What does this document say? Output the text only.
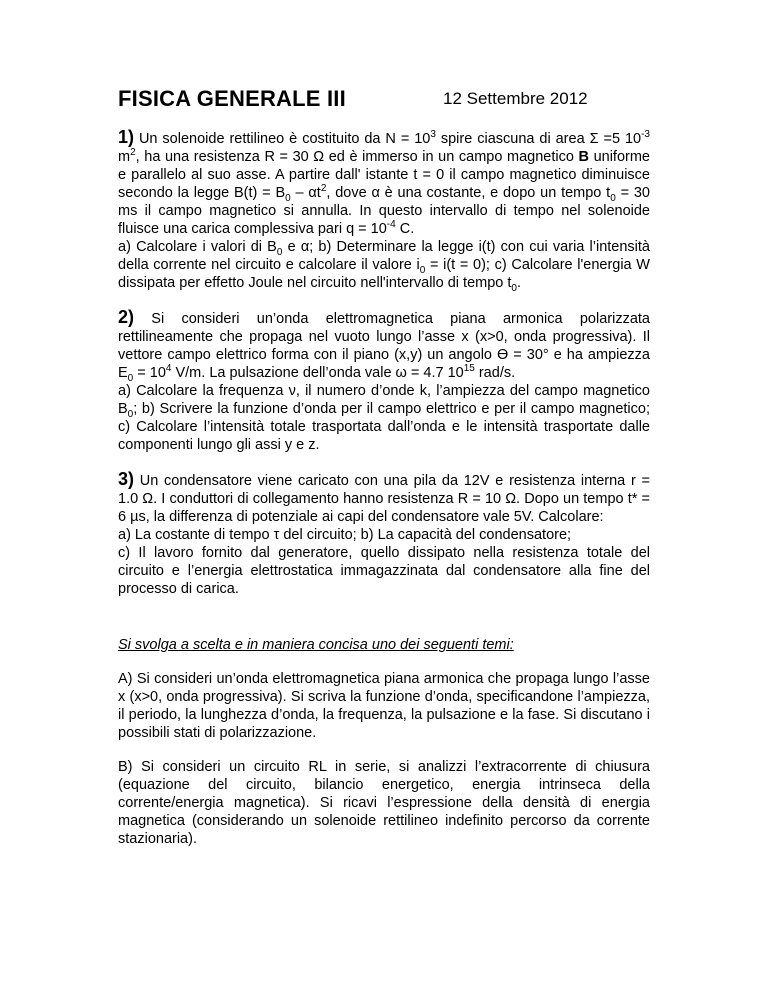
FISICA GENERALE III	12 Settembre 2012

1) Un solenoide rettilineo è costituito da $N = 10^3$ spire ciascuna di area Σ =5 $10^{-3}$ $m^2$, ha una resistenza R = 30 Ω ed è immerso in un campo magnetico B uniforme e parallelo al suo asse. A partire dall' istante t = 0 il campo magnetico diminuisce secondo la legge $B(t) = B_0 - \alpha t^2$, dove α è una costante, e dopo un tempo $t_0 = 30$ ms il campo magnetico si annulla. In questo intervallo di tempo nel solenoide fluisce una carica complessiva pari $q = 10^{-4}$ C.

a) Calcolare i valori di $B_0$ e α; b) Determinare la legge i(t) con cui varia l’intensità della corrente nel circuito e calcolare il valore $i_0 = i(t = 0)$; c) Calcolare l'energia W dissipata per effetto Joule nel circuito nell'intervallo di tempo $t_0$.

2) Si consideri un’onda elettromagnetica piana armonica polarizzata rettilineamente che propaga nel vuoto lungo l’asse x (x>0, onda progressiva). Il vettore campo elettrico forma con il piano (x,y) un angolo ϴ = 30° e ha ampiezza $E_0 = 10^4$ V/m. La pulsazione dell’onda vale ω = 4.7 $10^{15}$ rad/s.

a) Calcolare la frequenza ν, il numero d’onde k, l’ampiezza del campo magnetico $B_0$; b) Scrivere la funzione d’onda per il campo elettrico e per il campo magnetico; c) Calcolare l’intensità totale trasportata dall’onda e le intensità trasportate dalle componenti lungo gli assi y e z.

3) Un condensatore viene caricato con una pila da 12V e resistenza interna r = 1.0 Ω. I conduttori di collegamento hanno resistenza R = 10 Ω. Dopo un tempo t* = 6 µs, la differenza di potenziale ai capi del condensatore vale 5V. Calcolare:

a) La costante di tempo τ del circuito; b) La capacità del condensatore;

c) Il lavoro fornito dal generatore, quello dissipato nella resistenza totale del circuito e l’energia elettrostatica immagazzinata dal condensatore alla fine del processo di carica.

Si svolga a scelta e in maniera concisa uno dei seguenti temi:

A) Si consideri un’onda elettromagnetica piana armonica che propaga lungo l’asse x (x>0, onda progressiva). Si scriva la funzione d’onda, specificandone l’ampiezza, il periodo, la lunghezza d’onda, la frequenza, la pulsazione e la fase. Si discutano i possibili stati di polarizzazione.

B) Si consideri un circuito RL in serie, si analizzi l’extracorrente di chiusura (equazione del circuito, bilancio energetico, energia intrinseca della corrente/energia magnetica). Si ricavi l’espressione della densità di energia magnetica (considerando un solenoide rettilineo indefinito percorso da corrente stazionaria).
